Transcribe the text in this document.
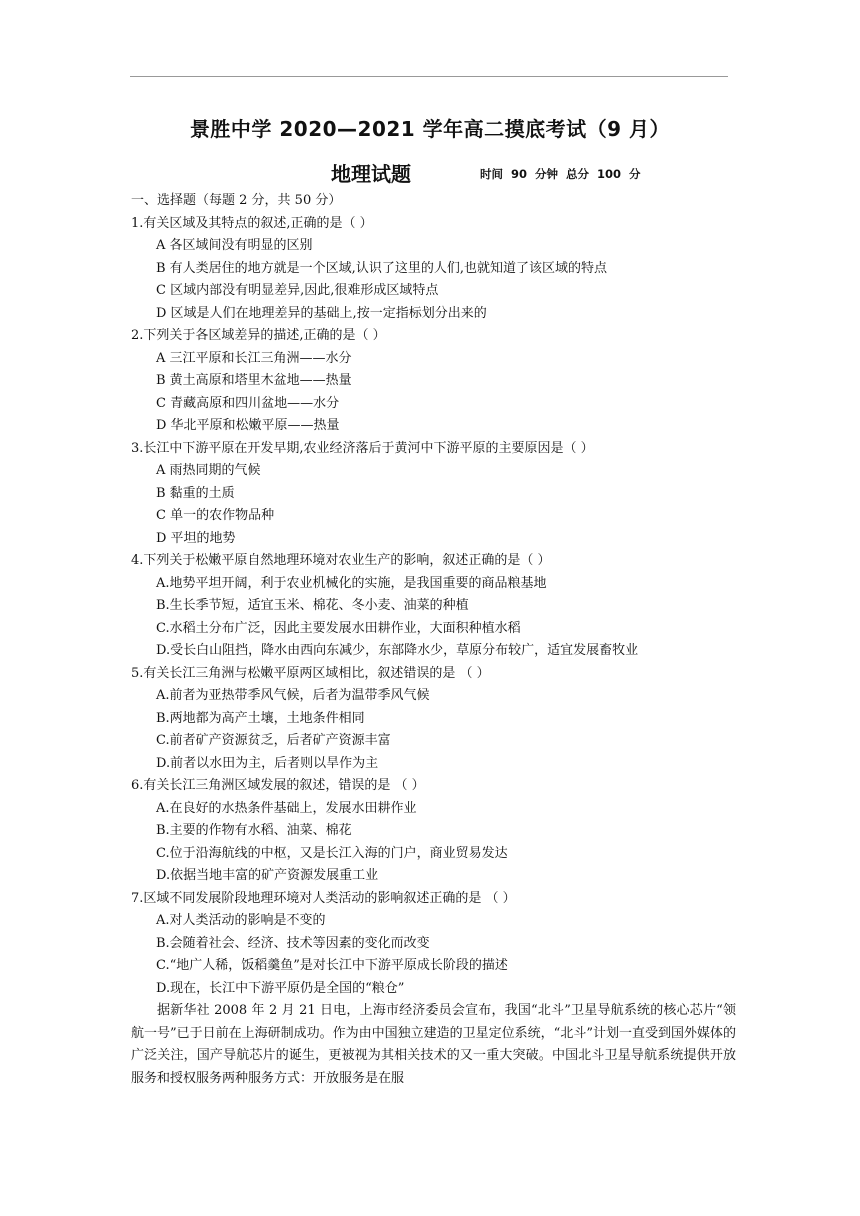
景胜中学 2020—2021 学年高二摸底考试（9 月）
地理试题	时间 90 分钟 总分 100 分
一、选择题（每题 2 分，共 50 分）
1.有关区域及其特点的叙述,正确的是（ ）
A 各区域间没有明显的区别
B 有人类居住的地方就是一个区域,认识了这里的人们,也就知道了该区域的特点
C 区域内部没有明显差异,因此,很难形成区域特点
D 区域是人们在地理差异的基础上,按一定指标划分出来的
2.下列关于各区域差异的描述,正确的是（ ）
A 三江平原和长江三角洲——水分
B 黄土高原和塔里木盆地——热量
C 青藏高原和四川盆地——水分
D 华北平原和松嫩平原——热量
3.长江中下游平原在开发早期,农业经济落后于黄河中下游平原的主要原因是（ ）
A 雨热同期的气候
B 黏重的土质
C 单一的农作物品种
D 平坦的地势
4.下列关于松嫩平原自然地理环境对农业生产的影响，叙述正确的是（ ）
A.地势平坦开阔，利于农业机械化的实施，是我国重要的商品粮基地
B.生长季节短，适宜玉米、棉花、冬小麦、油菜的种植
C.水稻土分布广泛，因此主要发展水田耕作业，大面积种植水稻
D.受长白山阻挡，降水由西向东减少，东部降水少，草原分布较广，适宜发展畜牧业
5.有关长江三角洲与松嫩平原两区域相比，叙述错误的是 （ ）
A.前者为亚热带季风气候，后者为温带季风气候
B.两地都为高产土壤，土地条件相同
C.前者矿产资源贫乏，后者矿产资源丰富
D.前者以水田为主，后者则以旱作为主
6.有关长江三角洲区域发展的叙述，错误的是 （ ）
A.在良好的水热条件基础上，发展水田耕作业
B.主要的作物有水稻、油菜、棉花
C.位于沿海航线的中枢，又是长江入海的门户，商业贸易发达
D.依据当地丰富的矿产资源发展重工业
7.区域不同发展阶段地理环境对人类活动的影响叙述正确的是 （ ）
A.对人类活动的影响是不变的
B.会随着社会、经济、技术等因素的变化而改变
C.“地广人稀，饭稻羹鱼”是对长江中下游平原成长阶段的描述
D.现在，长江中下游平原仍是全国的“粮仓”
据新华社 2008 年 2 月 21 日电，上海市经济委员会宣布，我国“北斗”卫星导航系统的核心芯片“领航一号”已于日前在上海研制成功。作为由中国独立建造的卫星定位系统，“北斗”计划一直受到国外媒体的广泛关注，国产导航芯片的诞生，更被视为其相关技术的又一重大突破。中国北斗卫星导航系统提供开放服务和授权服务两种服务方式：开放服务是在服
